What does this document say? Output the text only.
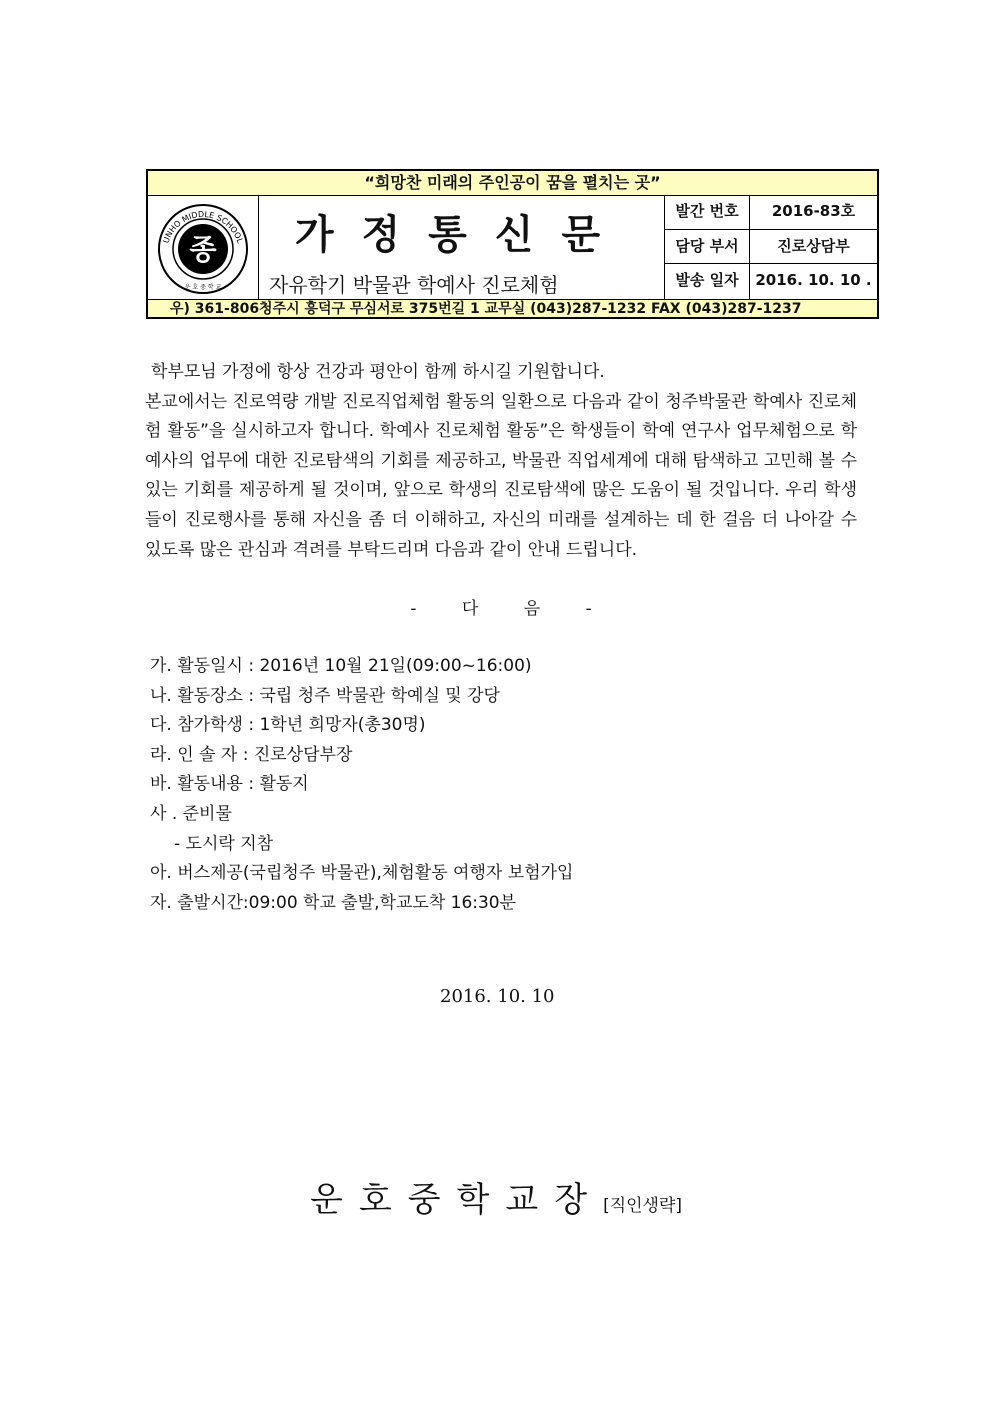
“희망찬 미래의 주인공이 꿈을 펼치는 곳”
UNHO MIDDLE SCHOOL
종
운 호 중 학 교
가정통신문
자유학기 박물관 학예사 진로체험
발간 번호	2016-83호
담당 부서	진로상담부
발송 일자	2016. 10. 10 .
우) 361-806청주시 흥덕구 무심서로 375번길 1 교무실 (043)287-1232 FAX (043)287-1237

학부모님 가정에 항상 건강과 평안이 함께 하시길 기원합니다.

본교에서는 진로역량 개발 진로직업체험 활동의 일환으로 다음과 같이 청주박물관 학예사 진로체험 활동”을 실시하고자 합니다. 학예사 진로체험 활동”은 학생들이 학예 연구사 업무체험으로 학예사의 업무에 대한 진로탐색의 기회를 제공하고, 박물관 직업세계에 대해 탐색하고 고민해 볼 수 있는 기회를 제공하게 될 것이며, 앞으로 학생의 진로탐색에 많은 도움이 될 것입니다. 우리 학생들이 진로행사를 통해 자신을 좀 더 이해하고, 자신의 미래를 설계하는 데 한 걸음 더 나아갈 수 있도록 많은 관심과 격려를 부탁드리며 다음과 같이 안내 드립니다.

- 다 음 -
가. 활동일시 : 2016년 10월 21일(09:00~16:00)
나. 활동장소 : 국립 청주 박물관 학예실 및 강당
다. 참가학생 : 1학년 희망자(총30명)
라. 인 솔 자 : 진로상담부장
바. 활동내용 : 활동지
사 . 준비물
- 도시락 지참
아. 버스제공(국립청주 박물관),체험활동 여행자 보험가입
자. 출발시간:09:00 학교 출발,학교도착 16:30분
2016. 10. 10
운호중학교장[직인생략]
